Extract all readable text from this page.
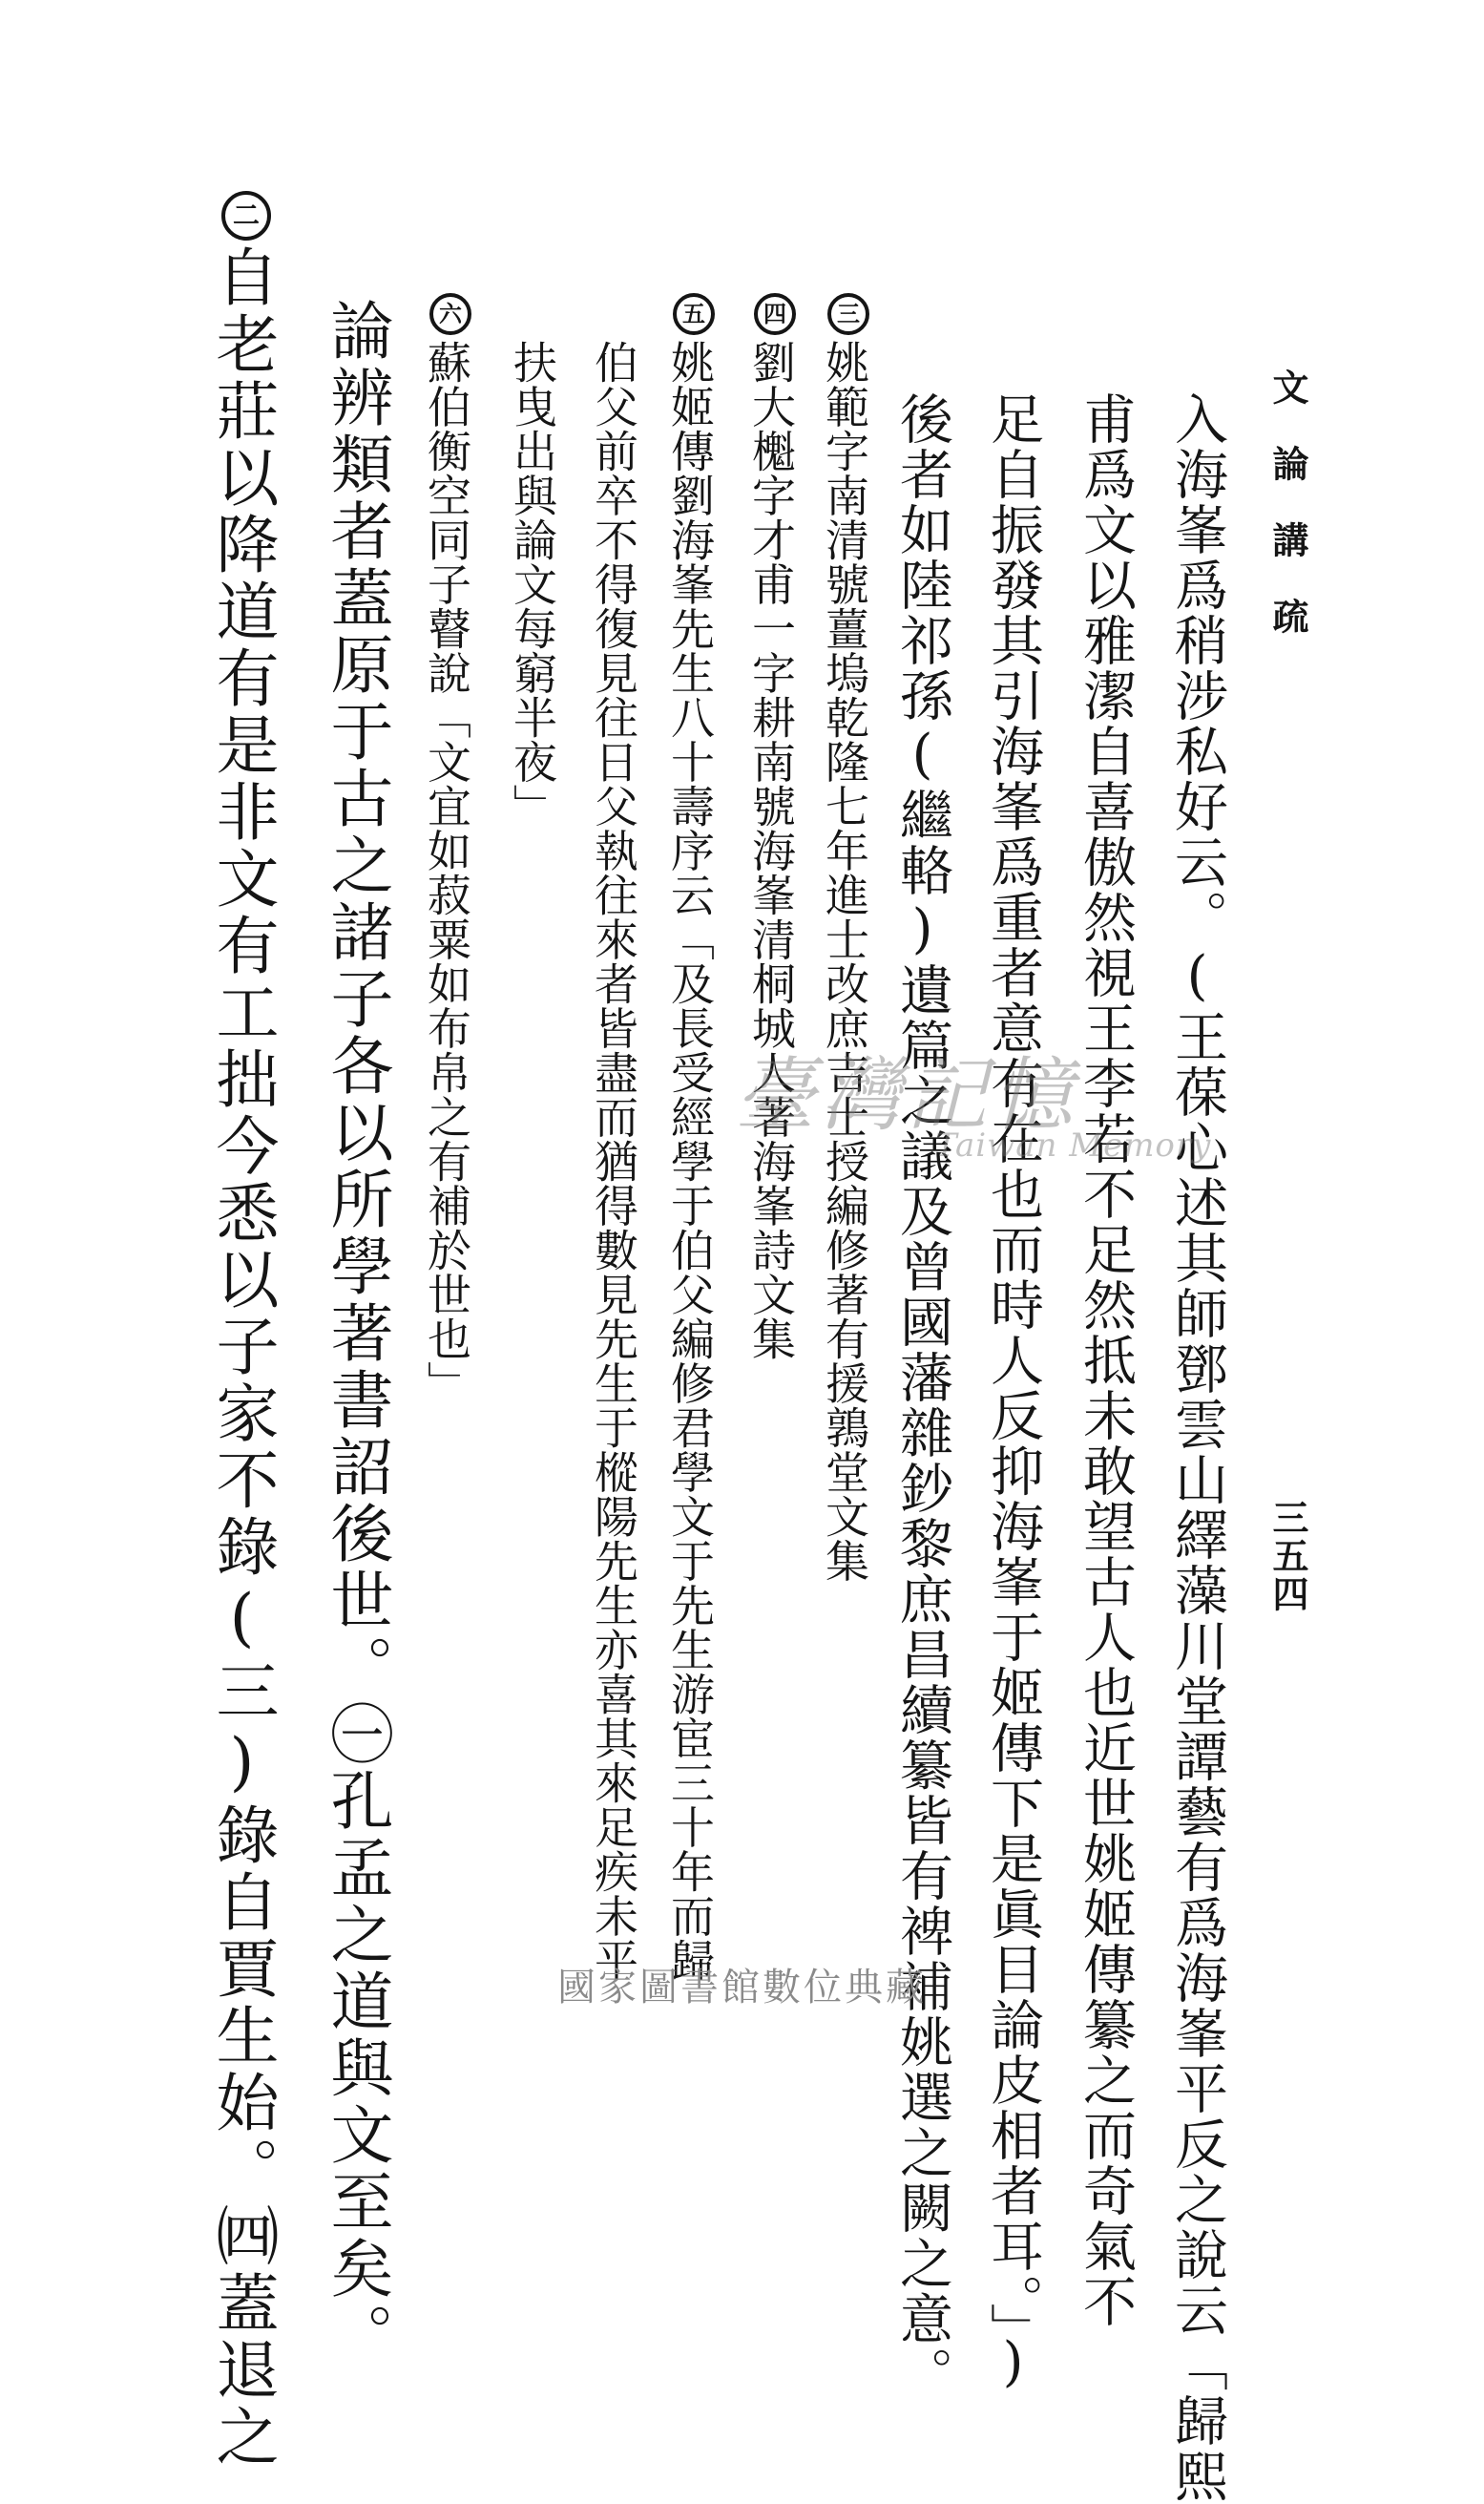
文論講疏
三五四
入海峯爲稍涉私好云。(王葆心述其師鄧雲山繹藻川堂譚藝有爲海峯平反之說云「歸熙
甫爲文以雅潔自喜傲然視王李若不足然抵未敢望古人也近世姚姬傳纂之而奇氣不
足自振發其引海峯爲重者意有在也而時人反抑海峯于姬傳下是眞目論皮相者耳。」)
後者如陸祁孫(繼輅)遺篇之議及曾國藩雜鈔黎庶昌續纂皆有裨補姚選之闕之意。
三
姚範字南清號薑塢乾隆七年進士改庶吉士授編修著有援鶉堂文集
四
劉大櫆字才甫一字耕南號海峯清桐城人著海峯詩文集
五
姚姬傳劉海峯先生八十壽序云「及長受經學于伯父編修君學文于先生游宦三十年而歸
伯父前卒不得復見往日父執往來者皆盡而猶得數見先生于樅陽先生亦喜其來足疾未平
扶曳出與論文每窮半夜」
六
蘇伯衡空同子瞽說「文宜如菽粟如布帛之有補於世也」
論辨類者蓋原于古之諸子各以所學著書詔後世。㊀孔孟之道與文至矣。
二
自老莊以降道有是非文有工拙今悉以子家不錄(三)錄自賈生始。㈣蓋退之	臺灣記憶
Taiwan Memory
國家圖書館數位典藏
